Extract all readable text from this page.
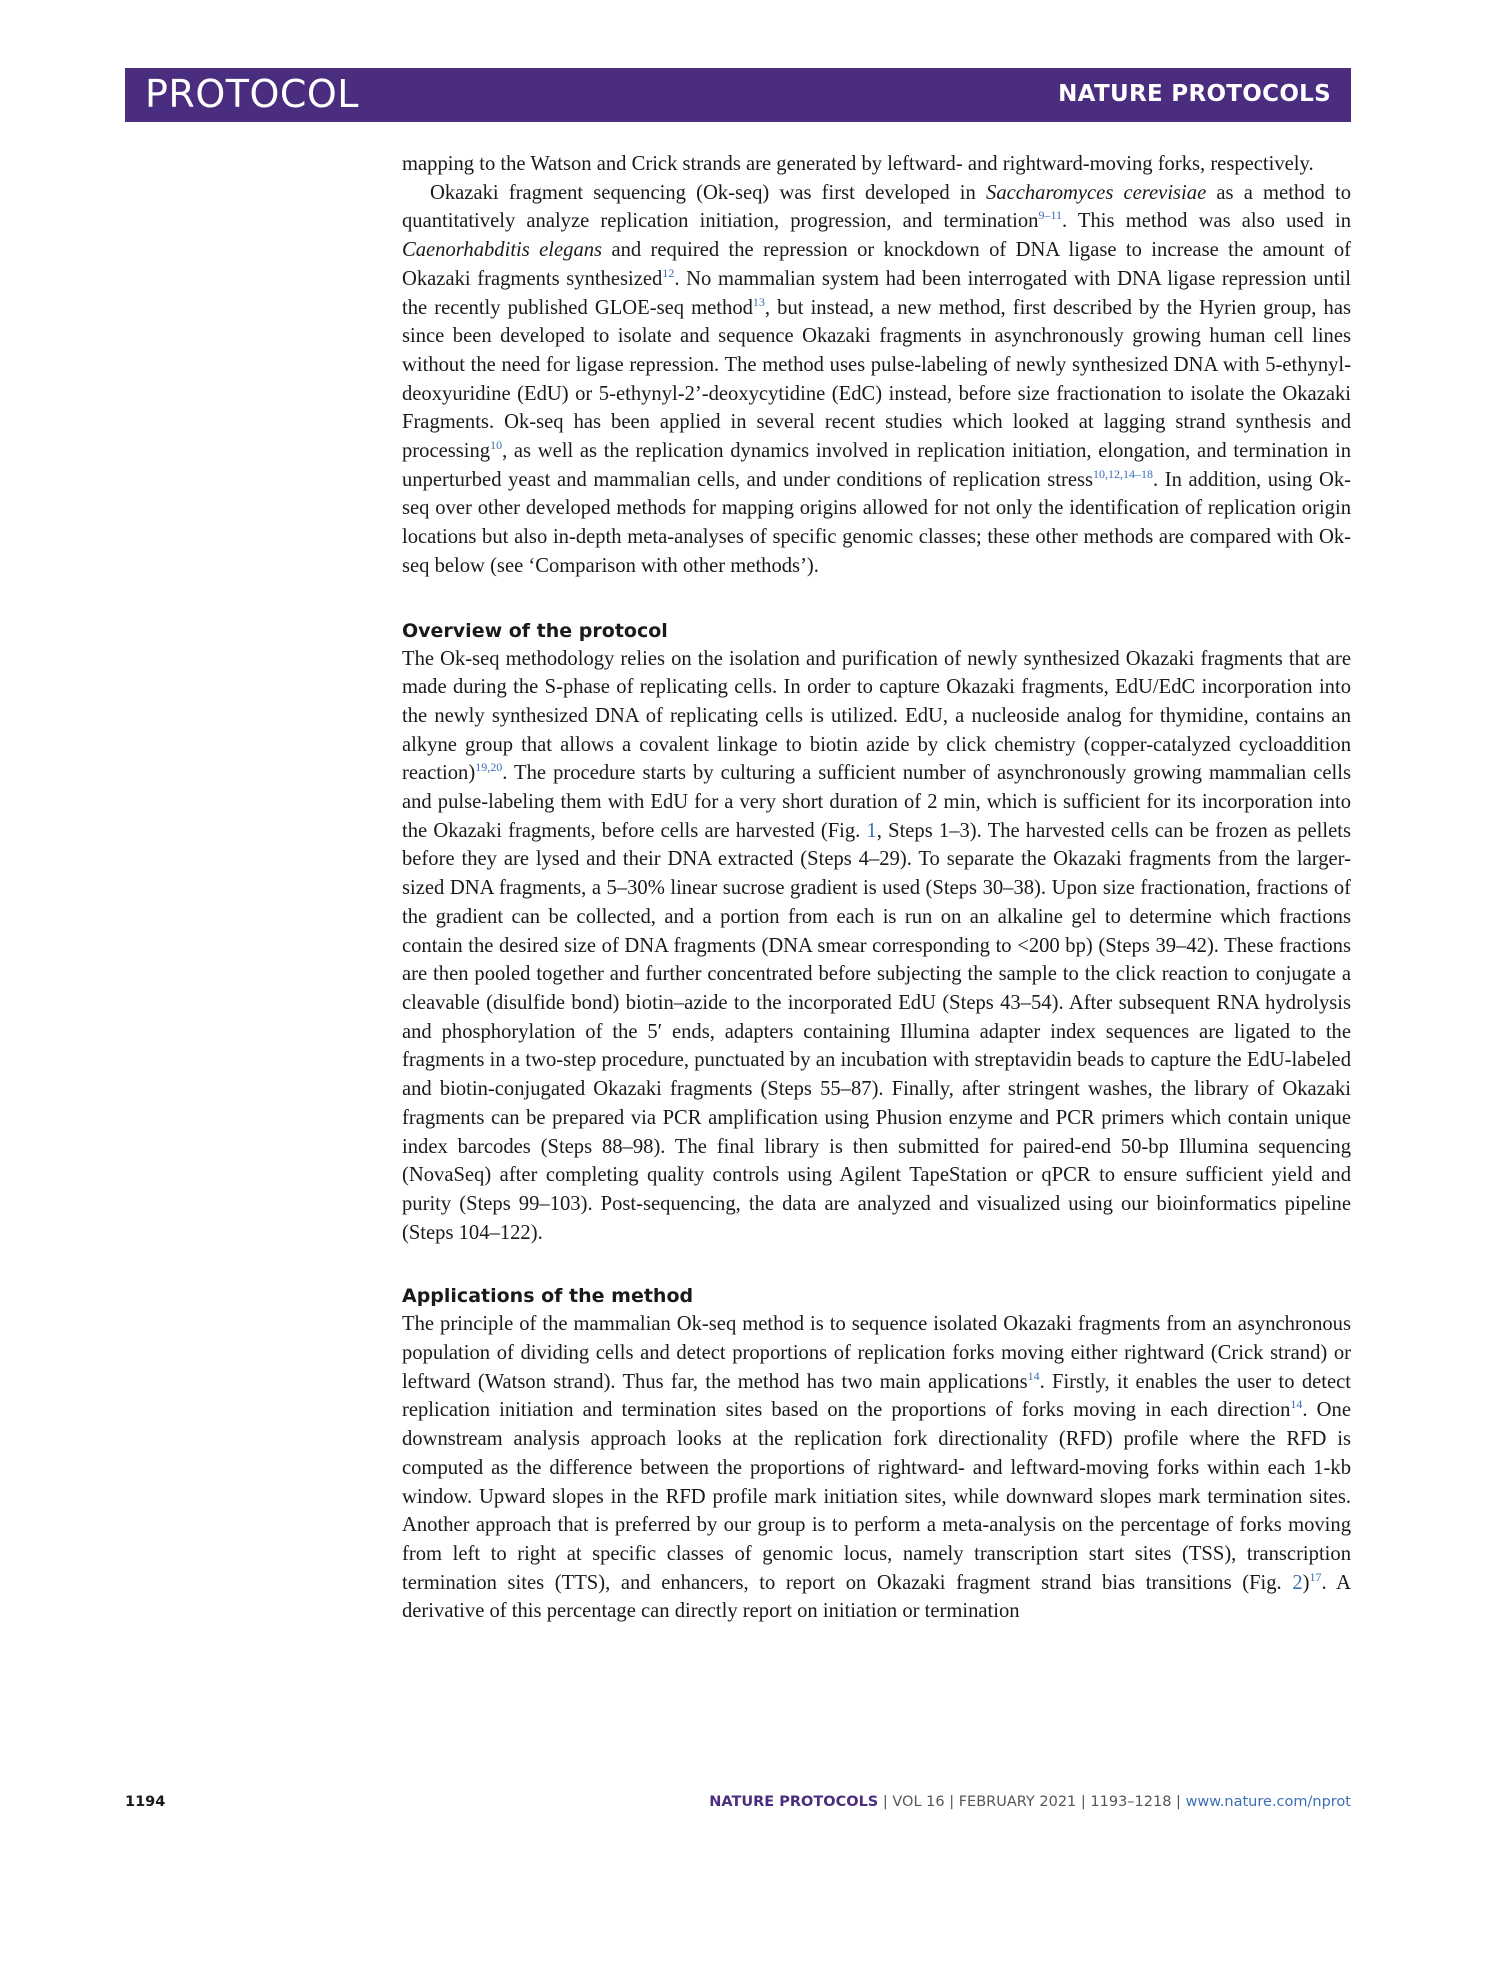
PROTOCOL	NATURE PROTOCOLS

mapping to the Watson and Crick strands are generated by leftward- and rightward-moving forks, respectively.

Okazaki fragment sequencing (Ok-seq) was first developed in Saccharomyces cerevisiae as a method to quantitatively analyze replication initiation, progression, and termination$^{9-11}$. This method was also used in Caenorhabditis elegans and required the repression or knockdown of DNA ligase to increase the amount of Okazaki fragments synthesized$^{12}$. No mammalian system had been interrogated with DNA ligase repression until the recently published GLOE-seq method$^{13}$, but instead, a new method, first described by the Hyrien group, has since been developed to isolate and sequence Okazaki fragments in asynchronously growing human cell lines without the need for ligase repression. The method uses pulse-labeling of newly synthesized DNA with 5-ethynyl-deoxyuridine (EdU) or 5-ethynyl-2’-deoxycytidine (EdC) instead, before size fractionation to isolate the Okazaki Fragments. Ok-seq has been applied in several recent studies which looked at lagging strand synthesis and processing$^{10}$, as well as the replication dynamics involved in replication initiation, elongation, and termination in unperturbed yeast and mammalian cells, and under conditions of replication stress$^{10,12,14-18}$. In addition, using Ok-seq over other developed methods for mapping origins allowed for not only the identification of replication origin locations but also in-depth meta-analyses of specific genomic classes; these other methods are compared with Ok-seq below (see ‘Comparison with other methods’).

Overview of the protocol

The Ok-seq methodology relies on the isolation and purification of newly synthesized Okazaki fragments that are made during the S-phase of replicating cells. In order to capture Okazaki fragments, EdU/EdC incorporation into the newly synthesized DNA of replicating cells is utilized. EdU, a nucleoside analog for thymidine, contains an alkyne group that allows a covalent linkage to biotin azide by click chemistry (copper-catalyzed cycloaddition reaction)$^{19,20}$. The procedure starts by culturing a sufficient number of asynchronously growing mammalian cells and pulse-labeling them with EdU for a very short duration of 2 min, which is sufficient for its incorporation into the Okazaki fragments, before cells are harvested (Fig. 1, Steps 1–3). The harvested cells can be frozen as pellets before they are lysed and their DNA extracted (Steps 4–29). To separate the Okazaki fragments from the larger-sized DNA fragments, a 5–30% linear sucrose gradient is used (Steps 30–38). Upon size fractionation, fractions of the gradient can be collected, and a portion from each is run on an alkaline gel to determine which fractions contain the desired size of DNA fragments (DNA smear corresponding to <200 bp) (Steps 39–42). These fractions are then pooled together and further concentrated before subjecting the sample to the click reaction to conjugate a cleavable (disulfide bond) biotin–azide to the incorporated EdU (Steps 43–54). After subsequent RNA hydrolysis and phosphorylation of the 5′ ends, adapters containing Illumina adapter index sequences are ligated to the fragments in a two-step procedure, punctuated by an incubation with streptavidin beads to capture the EdU-labeled and biotin-conjugated Okazaki fragments (Steps 55–87). Finally, after stringent washes, the library of Okazaki fragments can be prepared via PCR amplification using Phusion enzyme and PCR primers which contain unique index barcodes (Steps 88–98). The final library is then submitted for paired-end 50-bp Illumina sequencing (NovaSeq) after completing quality controls using Agilent TapeStation or qPCR to ensure sufficient yield and purity (Steps 99–103). Post-sequencing, the data are analyzed and visualized using our bioinformatics pipeline (Steps 104–122).

Applications of the method

The principle of the mammalian Ok-seq method is to sequence isolated Okazaki fragments from an asynchronous population of dividing cells and detect proportions of replication forks moving either rightward (Crick strand) or leftward (Watson strand). Thus far, the method has two main applications$^{14}$. Firstly, it enables the user to detect replication initiation and termination sites based on the proportions of forks moving in each direction$^{14}$. One downstream analysis approach looks at the replication fork directionality (RFD) profile where the RFD is computed as the difference between the proportions of rightward- and leftward-moving forks within each 1-kb window. Upward slopes in the RFD profile mark initiation sites, while downward slopes mark termination sites. Another approach that is preferred by our group is to perform a meta-analysis on the percentage of forks moving from left to right at specific classes of genomic locus, namely transcription start sites (TSS), transcription termination sites (TTS), and enhancers, to report on Okazaki fragment strand bias transitions (Fig. 2)$^{17}$. A derivative of this percentage can directly report on initiation or termination

1194	NATURE PROTOCOLS | VOL 16 | FEBRUARY 2021 | 1193–1218 | www.nature.com/nprot
